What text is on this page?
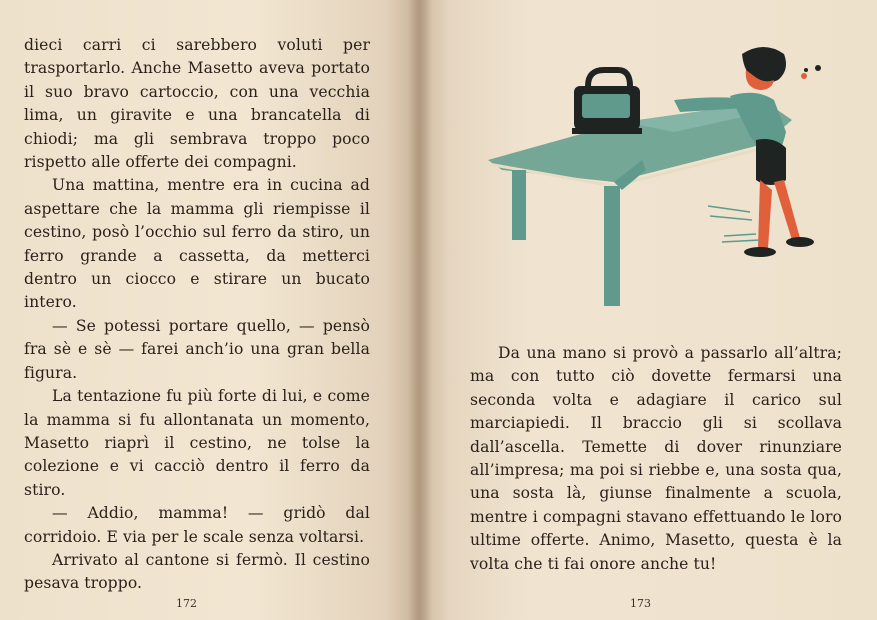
dieci carri ci sarebbero voluti per trasportarlo. Anche Masetto aveva portato il suo bravo cartoccio, con una vecchia lima, un giravite e una brancatella di chiodi; ma gli sembrava troppo poco rispetto alle offerte dei compagni.

Una mattina, mentre era in cucina ad aspettare che la mamma gli riempisse il cestino, posò l’occhio sul ferro da stiro, un ferro grande a cassetta, da metterci dentro un ciocco e stirare un bucato intero.

— Se potessi portare quello, — pensò fra sè e sè — farei anch’io una gran bella figura.

La tentazione fu più forte di lui, e come la mamma si fu allontanata un momento, Masetto riaprì il cestino, ne tolse la colezione e vi cacciò dentro il ferro da stiro.

— Addio, mamma! — gridò dal corridoio. E via per le scale senza voltarsi.

Arrivato al cantone si fermò. Il cestino pesava troppo.

172

Da una mano si provò a passarlo all’altra; ma con tutto ciò dovette fermarsi una seconda volta e adagiare il carico sul marciapiedi. Il braccio gli si scollava dall’ascella. Temette di dover rinunziare all’impresa; ma poi si riebbe e, una sosta qua, una sosta là, giunse finalmente a scuola, mentre i compagni stavano effettuando le loro ultime offerte. Animo, Masetto, questa è la volta che ti fai onore anche tu!

173
